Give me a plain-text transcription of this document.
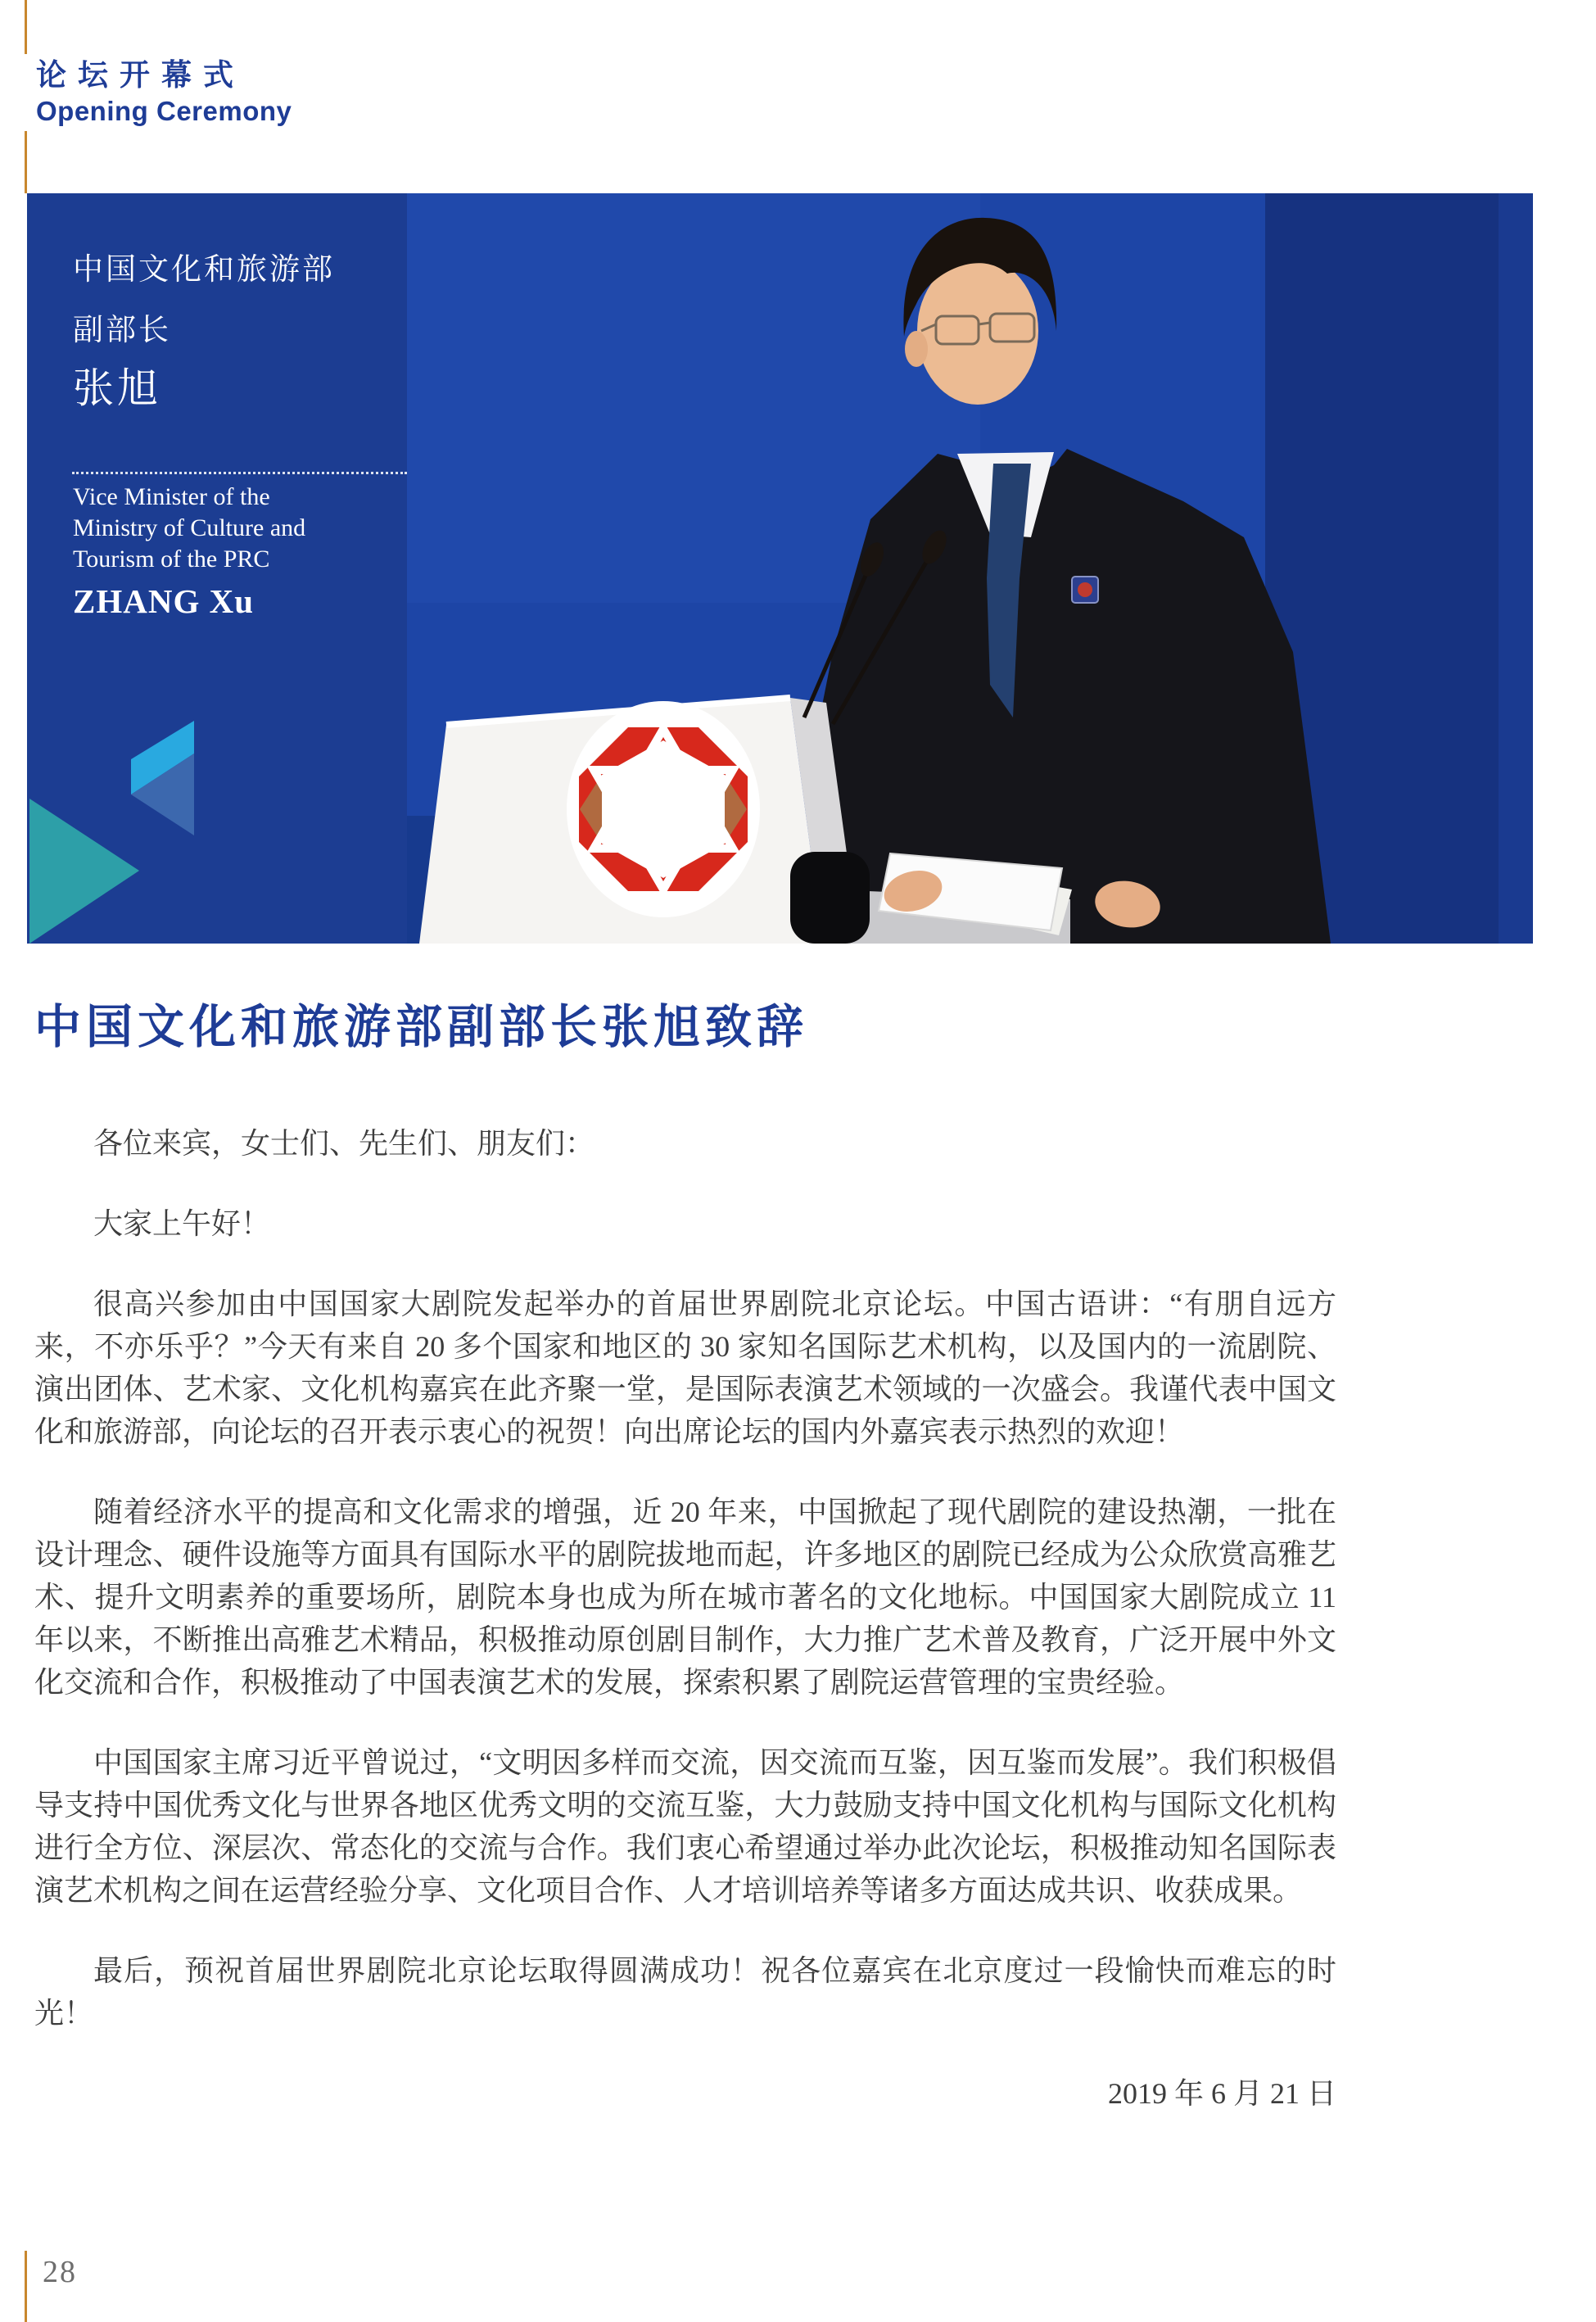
论坛开幕式
Opening Ceremony
中国文化和旅游部
副部长
张旭
Vice Minister of the
Ministry of Culture and
Tourism of the PRC
ZHANG Xu
中国文化和旅游部副部长张旭致辞

各位来宾，女士们、先生们、朋友们：

大家上午好！

很高兴参加由中国国家大剧院发起举办的首届世界剧院北京论坛。中国古语讲：“有朋自远方来，不亦乐乎？”今天有来自 20 多个国家和地区的 30 家知名国际艺术机构，以及国内的一流剧院、演出团体、艺术家、文化机构嘉宾在此齐聚一堂，是国际表演艺术领域的一次盛会。我谨代表中国文化和旅游部，向论坛的召开表示衷心的祝贺！向出席论坛的国内外嘉宾表示热烈的欢迎！

随着经济水平的提高和文化需求的增强，近 20 年来，中国掀起了现代剧院的建设热潮，一批在设计理念、硬件设施等方面具有国际水平的剧院拔地而起，许多地区的剧院已经成为公众欣赏高雅艺术、提升文明素养的重要场所，剧院本身也成为所在城市著名的文化地标。中国国家大剧院成立 11 年以来，不断推出高雅艺术精品，积极推动原创剧目制作，大力推广艺术普及教育，广泛开展中外文化交流和合作，积极推动了中国表演艺术的发展，探索积累了剧院运营管理的宝贵经验。

中国国家主席习近平曾说过，“文明因多样而交流，因交流而互鉴，因互鉴而发展”。我们积极倡导支持中国优秀文化与世界各地区优秀文明的交流互鉴，大力鼓励支持中国文化机构与国际文化机构进行全方位、深层次、常态化的交流与合作。我们衷心希望通过举办此次论坛，积极推动知名国际表演艺术机构之间在运营经验分享、文化项目合作、人才培训培养等诸多方面达成共识、收获成果。

最后，预祝首届世界剧院北京论坛取得圆满成功！祝各位嘉宾在北京度过一段愉快而难忘的时光！

2019 年 6 月 21 日

28
